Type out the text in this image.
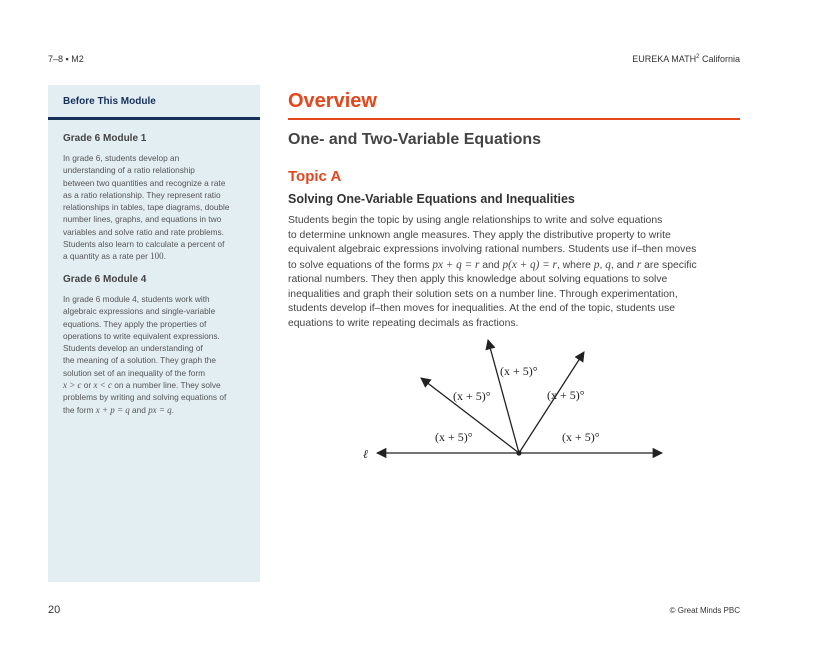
7–8 ▪ M2	EUREKA MATH$^2$ California
Before This Module
Grade 6 Module 1

In grade 6, students develop an
understanding of a ratio relationship
between two quantities and recognize a rate
as a ratio relationship. They represent ratio
relationships in tables, tape diagrams, double
number lines, graphs, and equations in two
variables and solve ratio and rate problems.
Students also learn to calculate a percent of
a quantity as a rate per 100.

Grade 6 Module 4

In grade 6 module 4, students work with
algebraic expressions and single-variable
equations. They apply the properties of
operations to write equivalent expressions.
Students develop an understanding of
the meaning of a solution. They graph the
solution set of an inequality of the form
x > c or x < c on a number line. They solve
problems by writing and solving equations of
the form x + p = q and px = q.

Overview
One- and Two-Variable Equations
Topic A
Solving One-Variable Equations and Inequalities

Students begin the topic by using angle relationships to write and solve equations
to determine unknown angle measures. They apply the distributive property to write
equivalent algebraic expressions involving rational numbers. Students use if–then moves
to solve equations of the forms px + q = r and p(x + q) = r, where p, q, and r are specific
rational numbers. They then apply this knowledge about solving equations to solve
inequalities and graph their solution sets on a number line. Through experimentation,
students develop if–then moves for inequalities. At the end of the topic, students use
equations to write repeating decimals as fractions.

ℓ
(x + 5)°
(x + 5)°
(x + 5)°
(x + 5)°
(x + 5)°
20	© Great Minds PBC
